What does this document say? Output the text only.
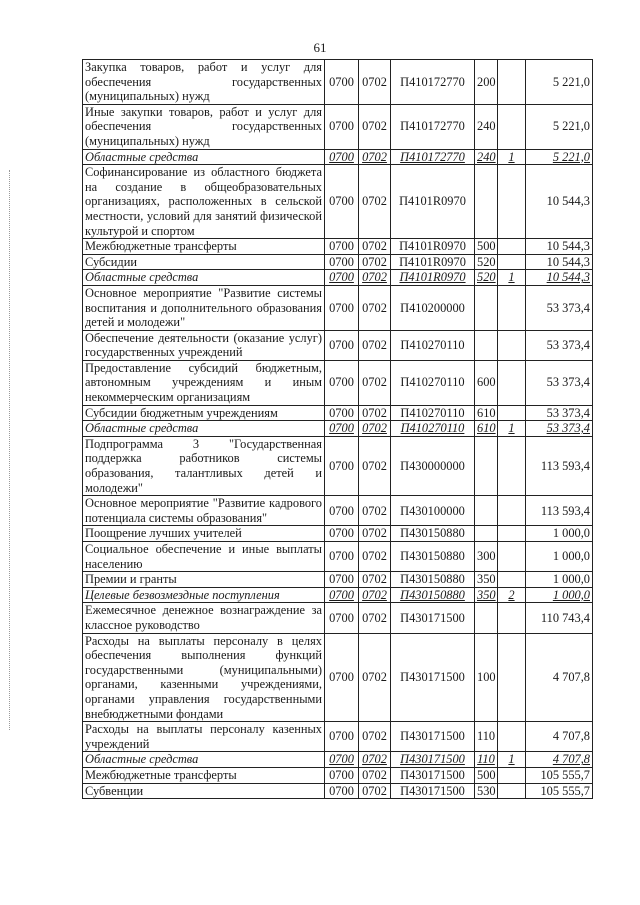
61
Закупка товаров, работ и услуг для обеспечения государственных (муниципальных) нужд	0700	0702	П410172770	200		5 221,0
Иные закупки товаров, работ и услуг для обеспечения государственных (муниципальных) нужд	0700	0702	П410172770	240		5 221,0
Областные средства	0700	0702	П410172770	240	1	5 221,0
Софинансирование из областного бюджета на создание в общеобразовательных организациях, расположенных в сельской местности, условий для занятий физической культурой и спортом	0700	0702	П4101R0970			10 544,3
Межбюджетные трансферты	0700	0702	П4101R0970	500		10 544,3
Субсидии	0700	0702	П4101R0970	520		10 544,3
Областные средства	0700	0702	П4101R0970	520	1	10 544,3
Основное мероприятие "Развитие системы воспитания и дополнительного образования детей и молодежи"	0700	0702	П410200000			53 373,4
Обеспечение деятельности (оказание услуг) государственных учреждений	0700	0702	П410270110			53 373,4
Предоставление субсидий бюджетным, автономным учреждениям и иным некоммерческим организациям	0700	0702	П410270110	600		53 373,4
Субсидии бюджетным учреждениям	0700	0702	П410270110	610		53 373,4
Областные средства	0700	0702	П410270110	610	1	53 373,4
Подпрограмма 3 "Государственная поддержка работников системы образования, талантливых детей и молодежи"	0700	0702	П430000000			113 593,4
Основное мероприятие "Развитие кадрового потенциала системы образования"	0700	0702	П430100000			113 593,4
Поощрение лучших учителей	0700	0702	П430150880			1 000,0
Социальное обеспечение и иные выплаты населению	0700	0702	П430150880	300		1 000,0
Премии и гранты	0700	0702	П430150880	350		1 000,0
Целевые безвозмездные поступления	0700	0702	П430150880	350	2	1 000,0
Ежемесячное денежное вознаграждение за классное руководство	0700	0702	П430171500			110 743,4
Расходы на выплаты персоналу в целях обеспечения выполнения функций государственными (муниципальными) органами, казенными учреждениями, органами управления государственными внебюджетными фондами	0700	0702	П430171500	100		4 707,8
Расходы на выплаты персоналу казенных учреждений	0700	0702	П430171500	110		4 707,8
Областные средства	0700	0702	П430171500	110	1	4 707,8
Межбюджетные трансферты	0700	0702	П430171500	500		105 555,7
Субвенции	0700	0702	П430171500	530		105 555,7
